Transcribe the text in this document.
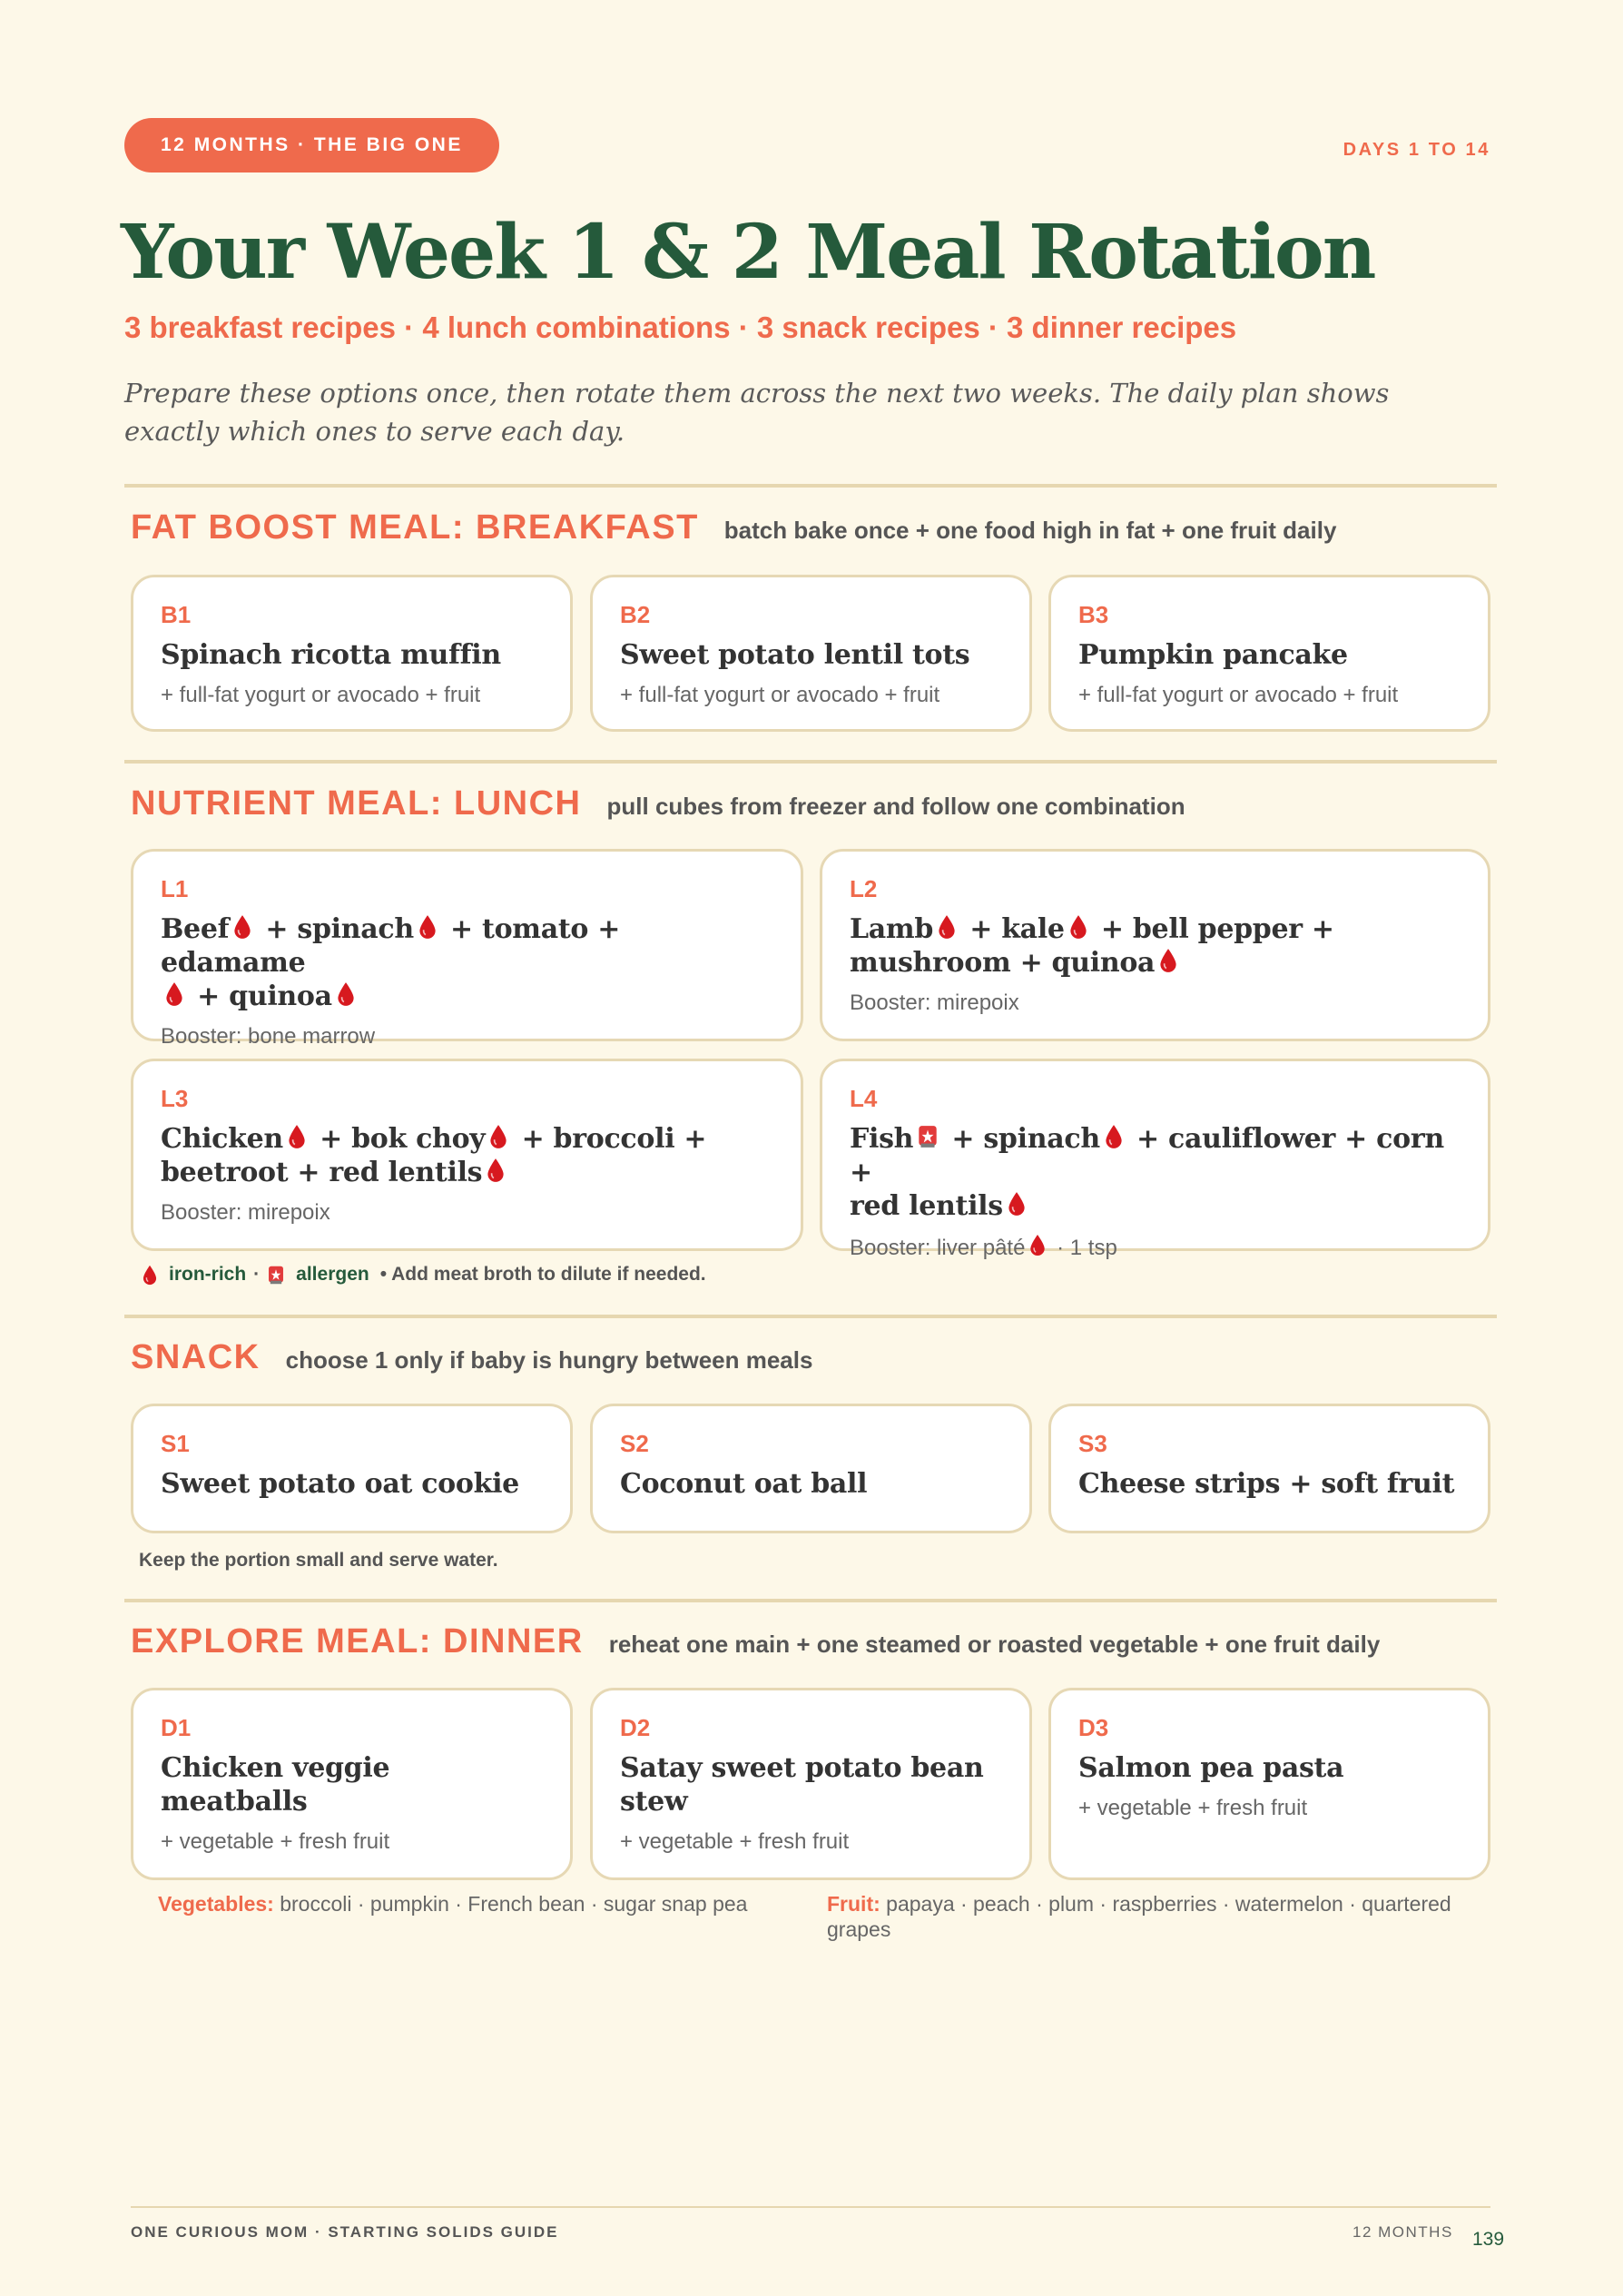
12 MONTHS · THE BIG ONE	DAYS 1 TO 14
Your Week 1 & 2 Meal Rotation
3 breakfast recipes · 4 lunch combinations · 3 snack recipes · 3 dinner recipes
Prepare these options once, then rotate them across the next two weeks. The daily plan shows exactly which ones to serve each day.
FAT BOOST MEAL: BREAKFAST batch bake once + one food high in fat + one fruit daily
B1
Spinach ricotta muffin
+ full-fat yogurt or avocado + fruit
B2
Sweet potato lentil tots
+ full-fat yogurt or avocado + fruit
B3
Pumpkin pancake
+ full-fat yogurt or avocado + fruit
NUTRIENT MEAL: LUNCH pull cubes from freezer and follow one combination
L1
Beef + spinach + tomato + edamame
+ quinoa
Booster: bone marrow
L2
Lamb + kale + bell pepper +
mushroom + quinoa
Booster: mirepoix
L3
Chicken + bok choy + broccoli +
beetroot + red lentils
Booster: mirepoix
L4
Fish + spinach + cauliflower + corn +
red lentils
Booster: liver pâté · 1 tsp
iron-rich · allergen • Add meat broth to dilute if needed.
SNACK choose 1 only if baby is hungry between meals
S1
Sweet potato oat cookie
S2
Coconut oat ball
S3
Cheese strips + soft fruit
Keep the portion small and serve water.
EXPLORE MEAL: DINNER reheat one main + one steamed or roasted vegetable + one fruit daily
D1
Chicken veggie meatballs
+ vegetable + fresh fruit
D2
Satay sweet potato bean stew
+ vegetable + fresh fruit
D3
Salmon pea pasta
+ vegetable + fresh fruit
Vegetables: broccoli · pumpkin · French bean · sugar snap pea	Fruit: papaya · peach · plum · raspberries · watermelon · quartered grapes
ONE CURIOUS MOM · STARTING SOLIDS GUIDE	12 MONTHS 139
